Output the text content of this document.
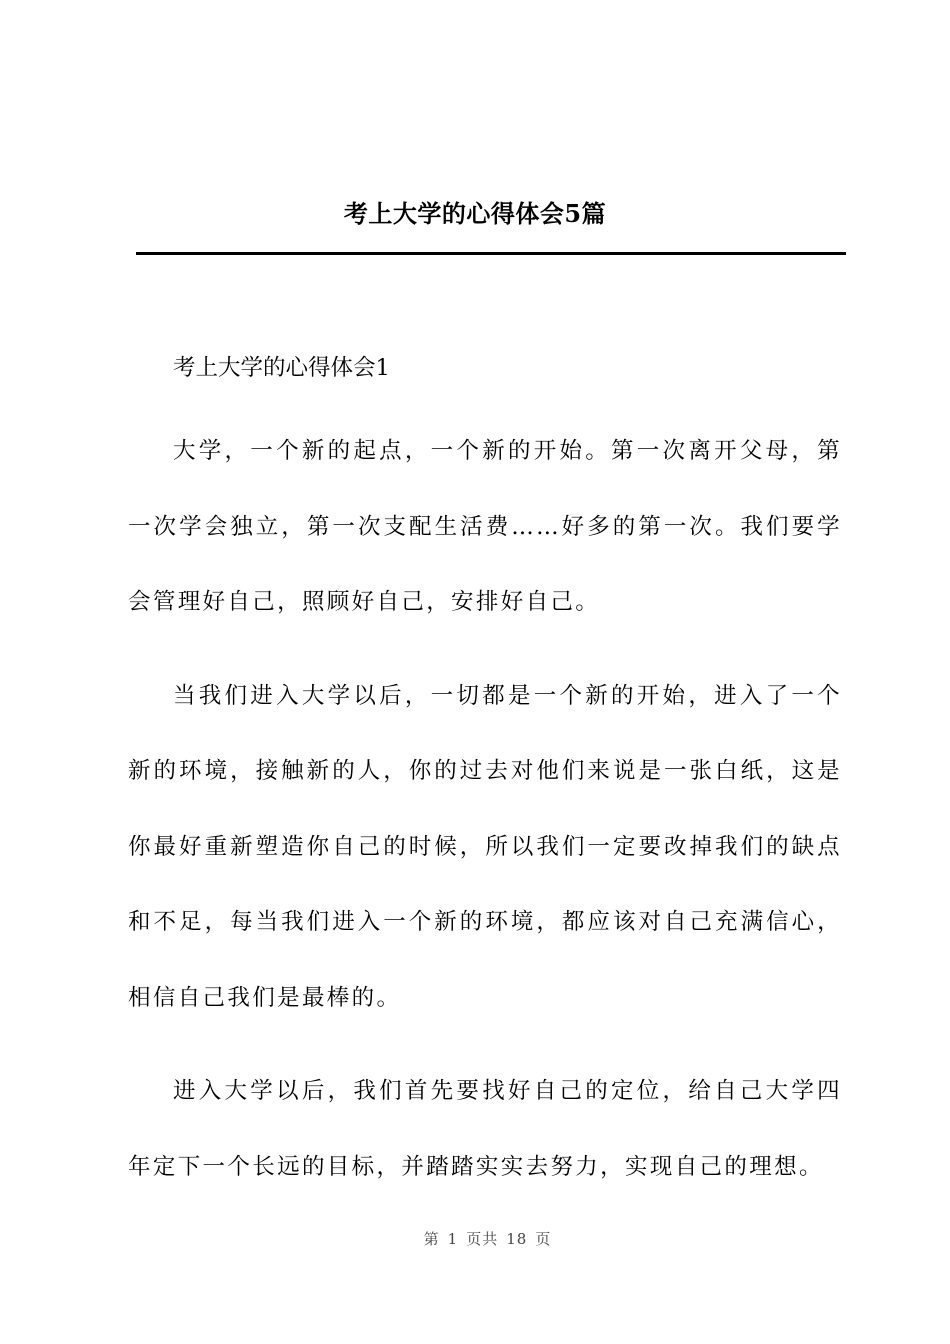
考上大学的心得体会5篇

考上大学的心得体会1

大学，一个新的起点，一个新的开始。第一次离开父母，第一次学会独立，第一次支配生活费……好多的第一次。我们要学会管理好自己，照顾好自己，安排好自己。

当我们进入大学以后，一切都是一个新的开始，进入了一个新的环境，接触新的人，你的过去对他们来说是一张白纸，这是你最好重新塑造你自己的时候，所以我们一定要改掉我们的缺点和不足，每当我们进入一个新的环境，都应该对自己充满信心，相信自己我们是最棒的。

进入大学以后，我们首先要找好自己的定位，给自己大学四年定下一个长远的目标，并踏踏实实去努力，实现自己的理想。

第 1 页共 18 页
